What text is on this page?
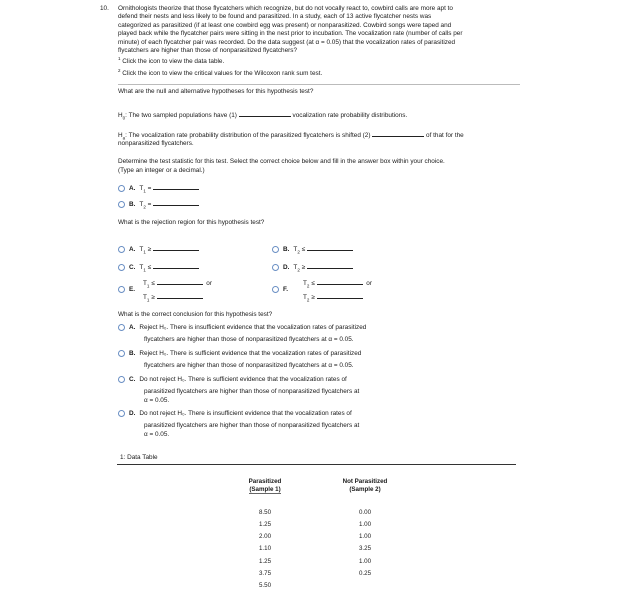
10. Ornithologists theorize that those flycatchers which recognize, but do not vocally react to, cowbird calls are more apt to

defend their nests and less likely to be found and parasitized. In a study, each of 13 active flycatcher nests was

categorized as parasitized (if at least one cowbird egg was present) or nonparasitized. Cowbird songs were taped and

played back while the flycatcher pairs were sitting in the nest prior to incubation. The vocalization rate (number of calls per

minute) of each flycatcher pair was recorded. Do the data suggest (at α = 0.05) that the vocalization rates of parasitized

flycatchers are higher than those of nonparasitized flycatchers?

$^1$ Click the icon to view the data table.

$^2$ Click the icon to view the critical values for the Wilcoxon rank sum test.

What are the null and alternative hypotheses for this hypothesis test?
$H_0$: The two sampled populations have (1)	vocalization rate probability distributions.
$H_a$: The vocalization rate probability distribution of the parasitized flycatchers is shifted (2)	of that for the
nonparasitized flycatchers.
Determine the test statistic for this test. Select the correct choice below and fill in the answer box within your choice.
(Type an integer or a decimal.)
A. $T_1$ =
B. $T_2$ =
What is the rejection region for this hypothesis test?
A. $T_1$ ≥	B. $T_2$ ≤
C. $T_1$ ≤	D. $T_2$ ≥
E.
$T_1$ ≤	or
$T_1$ ≥
F.
$T_2$ ≤	or
$T_2$ ≥
What is the correct conclusion for this hypothesis test?
A. Reject H₀. There is insufficient evidence that the vocalization rates of parasitized
flycatchers are higher than those of nonparasitized flycatchers at α = 0.05.
B. Reject H₀. There is sufficient evidence that the vocalization rates of parasitized
flycatchers are higher than those of nonparasitized flycatchers at α = 0.05.
C. Do not reject H₀. There is sufficient evidence that the vocalization rates of
parasitized flycatchers are higher than those of nonparasitized flycatchers at
α = 0.05.
D. Do not reject H₀. There is insufficient evidence that the vocalization rates of
parasitized flycatchers are higher than those of nonparasitized flycatchers at
α = 0.05.
1: Data Table
Parasitized
(Sample 1)	Not Parasitized
(Sample 2)

8.50	0.00
1.25	1.00
2.00	1.00
1.10	3.25
1.25	1.00
3.75	0.25
5.50	
